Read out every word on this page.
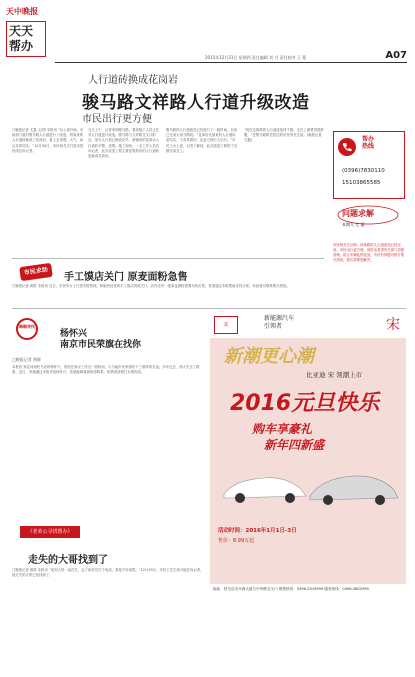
天中晚报
天天
帮办
2015年12月31日 星期四 责任编辑 刘 月 责任校对 王 蔓	A07
人行道砖换成花岗岩
骏马路文祥路人行道升级改造
市民出行更方便
□晚报记者 尤磊 文/图 本报讯 “从上周开始，市政部门就对骏马路人行道进行了改造，将原来的人行道砖换成了花岗岩，看上去美观、大气，而且非常结实。”12月30日，市民杨先生打进本报热线告诉记者。
当天上午，记者来到骏马路，看到施工人员正在对人行道进行改造。骏马路与文祥路交叉口附近，部分人行道已铺设完毕，新铺设的花岗岩人行道砖平整、美观。施工现场，一名工作人员告诉记者，此次改造工程主要是将原有的人行道砖更换成花岗岩。
骏马路的人行道改造已经进行了一段时间，目前已完成大部分路段。“花岗岩比原来的人行道砖更结实，不容易损坏，也更方便行人出行。”市民王女士说。记者了解到，此次改造工程将于近期全部完工。
“现在这段路的人行道改造得不错，走在上面感觉很舒服。”在骏马路附近居住的市民李先生说。(晚报记者 尤磊)	帮办
热线
(0396)7830110
15103865585
问题求解
本期人 尤 磊
市民杨先生反映：该条路的人行道改造已经完成，市民出行更方便，同时也希望有关部门加强管理，防止车辆乱停乱放。市民有问题可拨打帮办热线，我们将帮您解决。
市民求助
手工馍店关门 原麦面粉急售
□晚报记者 黄群 本报讯 近日，市民朱女士打进本报热线，称她所经营的手工馍店因故关门，店内还有一批原麦面粉需要尽快出售，希望通过本报帮助寻找买家。有意者可联系帮办热线。
琳琳寻找
杨怀兴
南京市民荣旗在找你
□晚报记者 黄群
本报讯 家住河南驻马店的杨怀兴，曾经在南京工作过一段时间，与当地市民荣旗结下了深厚的友谊。多年过去，两人失去了联系。近日，荣旗通过本报寻找杨怀兴，希望能够重新取得联系。知情者请拨打本报热线。
宋
新能源汽车
引领者	宋
新潮更心潮
比亚迪 宋 领潮上市
2016元旦快乐
购车享豪礼
新年四新盛
活动时间：2016年1月1日-3日
售价：8.99万起
地址：驻马店市开源大道与中华路交叉口 销售热线：0396-2919999 服务热线：0396-3802999
《老弟公寻找帮办》
走失的大哥找到了
□晚报记者 黄群 本报讯 “见到大哥一直在忙，忘了给你们打个电话，真是不好意思。”12月29日，市民王先生高兴地告诉记者，他走失的大哥已经找到了。
